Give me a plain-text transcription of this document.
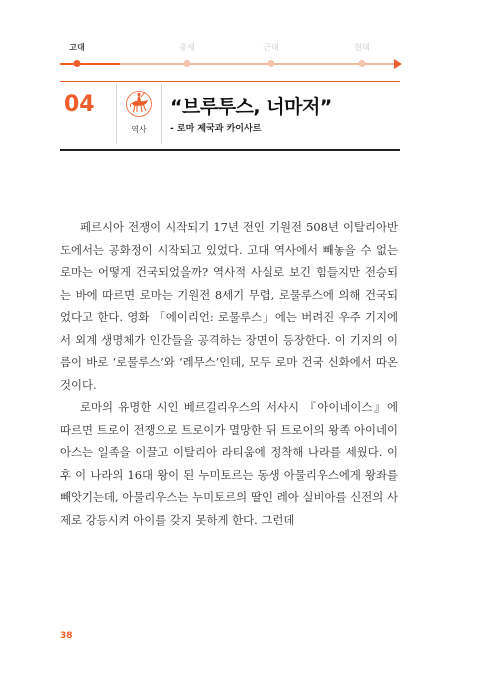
고대	중세	근대	현대
04
역사
“브루투스, 너마저”
- 로마 제국과 카이사르

페르시아 전쟁이 시작되기 17년 전인 기원전 508년 이탈리아반도에서는 공화정이 시작되고 있었다. 고대 역사에서 빼놓을 수 없는 로마는 어떻게 건국되었을까? 역사적 사실로 보긴 힘들지만 전승되는 바에 따르면 로마는 기원전 8세기 무렵, 로물루스에 의해 건국되었다고 한다. 영화 「에이리언: 로물루스」에는 버려진 우주 기지에서 외계 생명체가 인간들을 공격하는 장면이 등장한다. 이 기지의 이름이 바로 ‘로물루스’와 ‘레무스’인데, 모두 로마 건국 신화에서 따온 것이다.

로마의 유명한 시인 베르길리우스의 서사시 『아이네이스』에 따르면 트로이 전쟁으로 트로이가 멸망한 뒤 트로이의 왕족 아이네이아스는 일족을 이끌고 이탈리아 라티움에 정착해 나라를 세웠다. 이후 이 나라의 16대 왕이 된 누미토르는 동생 아물리우스에게 왕좌를 빼앗기는데, 아물리우스는 누미토르의 딸인 레아 실비아를 신전의 사제로 강등시켜 아이를 갖지 못하게 한다. 그런데

38
